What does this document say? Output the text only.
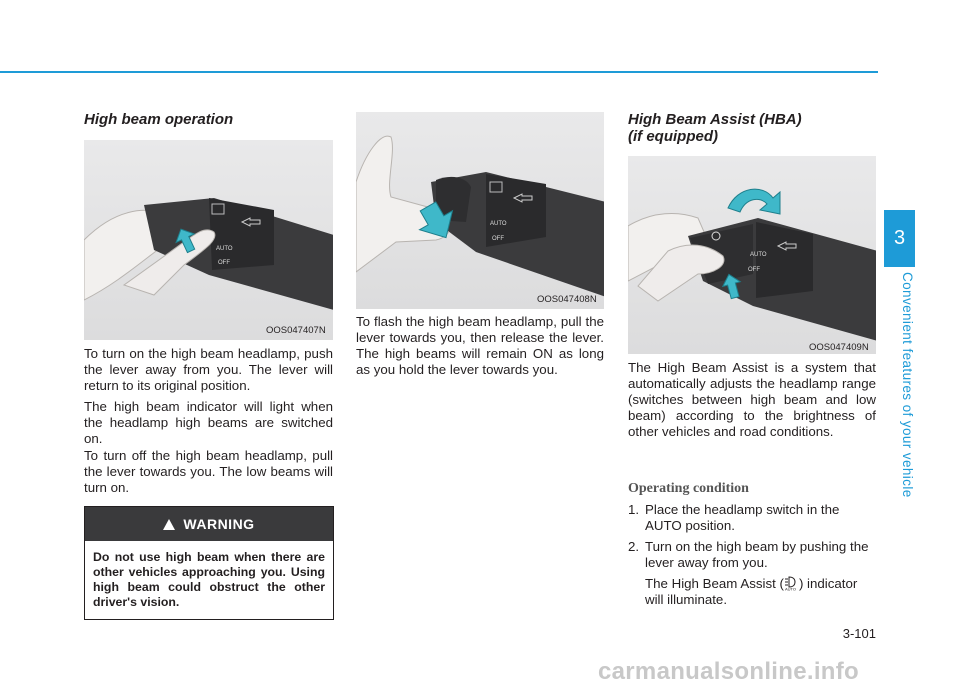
3
Convenient features of your vehicle
High beam operation
AUTO
OFF
OOS047407N

To turn on the high beam headlamp, push the lever away from you. The lever will return to its original position.

The high beam indicator will light when the headlamp high beams are switched on.

To turn off the high beam headlamp, pull the lever towards you. The low beams will turn on.

WARNING

Do not use high beam when there are other vehicles approaching you. Using high beam could obstruct the other driver's vision.

AUTO
OFF
OOS047408N

To flash the high beam headlamp, pull the lever towards you, then release the lever. The high beams will remain ON as long as you hold the lever towards you.

High Beam Assist (HBA)
(if equipped)
AUTO
OFF
OOS047409N

The High Beam Assist is a system that automatically adjusts the headlamp range (switches between high beam and low beam) according to the brightness of other vehicles and road conditions.

Operating condition
1. Place the headlamp switch in the AUTO position.
2. Turn on the high beam by pushing the lever away from you.
The High Beam Assist ( AUTO ) indicator will illuminate.
3-101
carmanualsonline.info
